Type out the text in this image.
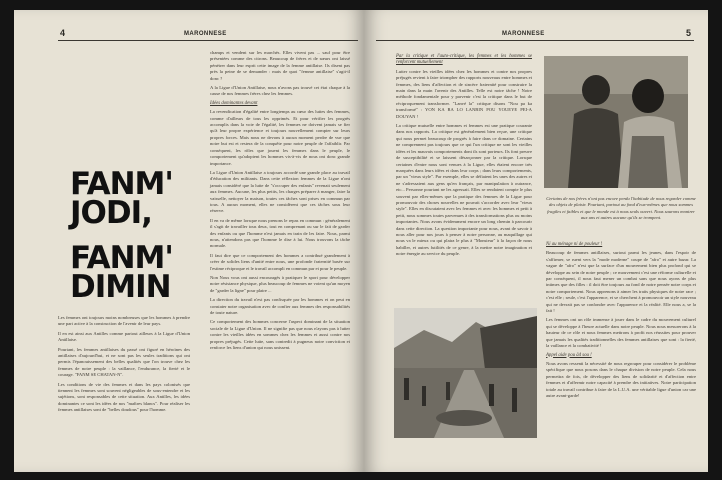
4	MARONNESE
FANM'
JODI,
FANM'
DIMIN

Les femmes ont toujours moins nombreuses que les hommes à prendre une part active à la construction de l'avenir de leur pays.

Il en est ainsi aux Antilles comme partout ailleurs à la Ligue d'Union Antillaise.

Pourtant, les femmes antillaises du passé ont figuré en héroïnes des antillaises d'aujourd'hui, et ne sont pas les seules traditions qui ont permis l'épanouissement des belles qualités que l'on trouve chez les femmes de notre peuple : la vaillance, l'endurance, la fierté et le courage. "FANM SE CHATAN-N".

Les conditions de vie des femmes et dans les pays colonisés que tiennent les femmes sont souvent négligeables de sous-entendre et les sujétions, sont responsables de cette situation. Aux Antilles, les idées dominantes ce sont les idées de nos "maîtres blancs". Pour réaliser les femmes antillaises sont de "belles doudous" pour l'homme.

champs et vendent sur les marchés. Elles vivent pas ... sauf pour être présentées comme des citrons. Beaucoup de frères et de sœurs ont laissé pénétrer dans leur esprit cette image de la femme antillaise. Ils disent pas près la peine de se demander : mais de quoi "femme antillaise" s'agit-il donc ?

A la Ligue d'Union Antillaise, nous n'avons pas trouvé cet état chaque à la cause de nos femmes frères chez les femmes.

Idées dominantes devant

La revendication d'égalité entre longtemps au cœur des luttes des femmes, comme d'ailleurs de tous les opprimés. Et pour vérifier les progrès accomplis dans la voie de l'égalité, les femmes ne doivent jamais se fier qu'à leur propre expérience et toujours nouvellement compter sur leurs propres forces. Mais nous ne devons à aucun moment perdre de vue que notre but est et restera de la conquête pour notre peuple de l'affaiblir. Par conséquent, les rôles que jouent les femmes dans le peuple, le comportement qu'adoptent les hommes vis-à-vis de nous ont donc grande importance.

La Ligue d'Union Antillaise a toujours accordé une grande place au travail d'éducation des militants. Dans cette réflexion femmes de la Ligue n'ont jamais considéré que la lutte de "s'occuper des enfants" revenait seulement aux femmes. Aucune, les plus petits, les charges préparer à manger, faire la vaisselle, nettoyer la maison, toutes ces tâches sont prises en commun par tous. A aucun moment, elles ne considèrent que ces tâches sous leur réserve.

Il en va de même lorsque nous prenons le repas en commun : généralement il s'agit de travailler tous deux, tout en comprenant ou sur le fait de garder des enfants ou que l'homme n'est jamais en train de les faire. Nous, parmi nous, n'attendons pas que l'homme le dise à lui. Nous trouvons la tâche normale.

Il faut dire que ce comportement des hommes a contribué grandement à créer de solides liens d'unité entre nous, une profonde fraternité basée sur l'estime réciproque et le travail accompli en commun par et pour le peuple.

Non Nous vous ont aussi encouragés à pratiquer le sport pour développer notre résistance physique, plus beaucoup de femmes ne voient qu'un moyen de "garder la ligne" pour plaire ...

La direction du travail n'est pas confisquée par les hommes et on peut en constater notre organisation avec de confier aux femmes des responsabilités de toute nature.

Ce comportement des hommes concerne l'aspect dominant de la situation sociale de la Ligue d'Union. Il ne signifie pas que nous n'ayons pas à lutter contre les vieilles idées en sommes chez les femmes et aussi contre nos propres préjugés. Cette lutte, sans contredit à pugneux notre conviction et renforce les liens d'union qui nous unissent.

MARONNESE	5
Par la critique et l'auto-critique, les femmes et les hommes se renforcent mutuellement

Lutter contre les vieilles idées chez les hommes et contre nos propres préjugés revient à faire triompher des rapports nouveaux entre hommes et femmes, des liens d'affection et de sincère fraternité pour construire la main dans la main l'avenir des Antilles. Telle est notre tâche ! Notre méthode fondamentale pour y parvenir c'est la critique dans le but de réciproquement transformer. "Lanvé la" critique disons "Nou pa ka transformé" : YON KA RA LO LANBIN POU YOUEYE PEI-A DOUYAN !

La critique mutuelle entre hommes et femmes est une pratique courante dans nos rapports. La critique est généralement bien reçue, une critique qui nous permet beaucoup de progrès à faire dans ce domaine. Certains ne comprennent pas toujours que ce qui l'un critique ne sont les vieilles idées et les mauvais comportements dont ils sont porteurs. Ils font preuve de susceptibilité et se laissent désarçonner par la critique. Lorsque certaines d'entre nous sont venues à la Ligue, elles étaient encore très marquées dans leurs idées et dans leur corps ; dans leurs comportements, par un "vieux style". Par exemple, elles se défiaient les unes des autres et ne s'adressaient aux gens qu'en français, par manipulation à outrance, etc... Personne pourtant ne les agressait. Elles se rendaient compte le plus souvent par elles-mêmes que la pratique des femmes de la Ligue pour promouvoir des choses nouvelles ne pouvait s'accorder avec leur "vieux style". Elles en discutaient avec les femmes et avec les hommes et petit à petit, nous sommes toutes parvenues à des transformations plus ou moins importantes. Nous avons évidemment encore un long chemin à parcourir dans cette direction. La question importante pour nous, avant de savoir à nous aller pour nos jours à penser à notre personne, au maquillage qui nous va le mieux ou qui plaira le plus à "Monsieur" à la façon de nous habiller, et autres futilités de ce genre, à la mettre notre imagination et notre énergie au service du peuple.

Certains de nos frères n'ont pas encore perdu l'habitude de nous regarder comme des objets de plaisir. Pourtant, partout au fond d'eux-mêmes que nous sommes fragiles et faibles et que le monde est à nous seuls ouvert. Nous saurons montrer aux uns et autres aucune qu'ils se trompent.
Ni au ménage ni de pouleur !

Beaucoup de femmes antillaises, surtout parmi les jeunes, dans l'espoir de s'affirmer, se ruent vers la "mode moderne" coupe de "afro" et autre bazar. La vague de "afro" n'est que la surface d'un mouvement bien plus profond qui se développe au sein de notre peuple ; ce mouvement c'est une réforme culturelle et par conséquent, il nous faut mener un combat sans que nous ayons de plus intimes que des filles : il doit être toujours au fond de notre pensée notre corps et notre comportement. Nous apprenons à aimer les traits physiques de notre race ; c'est elle ; seule, c'est l'apparence, et se cherchent à promouvoir un style nouveau qui ne devrait pas se confondre avec l'apparence et la réalité. Elle nous a, se la fait !

Les femmes ont un rôle immense à jouer dans le cadre du mouvement culturel qui se développe à l'heure actuelle dans notre peuple. Nous nous mesurerons à la hauteur de ce rôle et nous femmes mettrons à profit nos réussites pour prouver que jamais les qualités traditionnelles des femmes antillaises que sont : la fierté, la vaillance et la combativité !

Appel aide pou â4 sou !

Nous avons ressenti la nécessité de nous regrouper pour considérer le problème spécifique que nous posons dans le chaque division de notre peuple. Cela nous permettra de fois, de développer des liens de solidarité et d'affection entre femmes et d'affermir notre capacité à prendre des initiatives. Notre participation totale au travail contribue à faire de la L.U.A. une véritable ligue d'union car une autre avant-garde!
